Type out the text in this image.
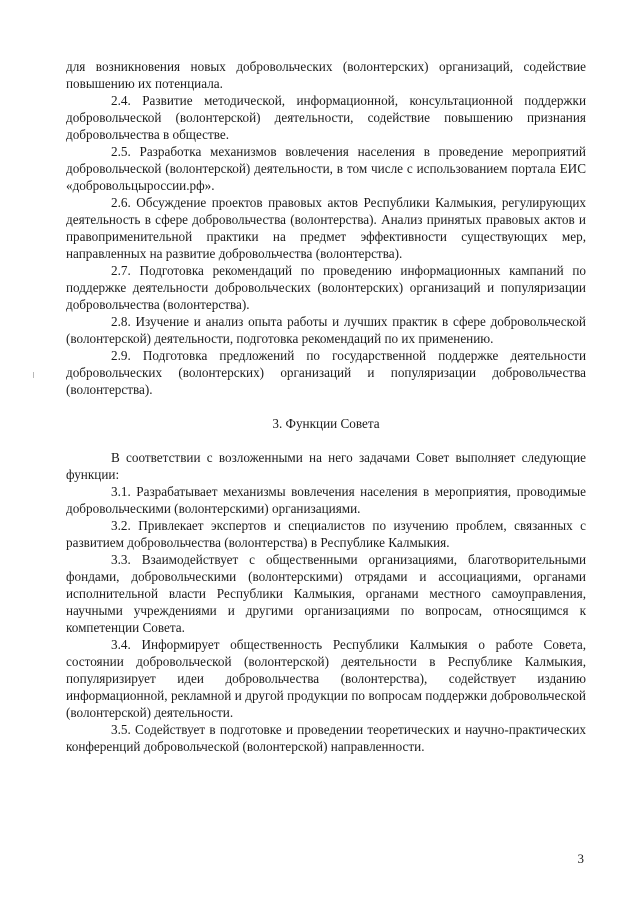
для возникновения новых добровольческих (волонтерских) организаций, содействие повышению их потенциала.

2.4. Развитие методической, информационной, консультационной поддержки добровольческой (волонтерской) деятельности, содействие повышению признания добровольчества в обществе.

2.5. Разработка механизмов вовлечения населения в проведение мероприятий добровольческой (волонтерской) деятельности, в том числе с использованием портала ЕИС «добровольцыроссии.рф».

2.6. Обсуждение проектов правовых актов Республики Калмыкия, регулирующих деятельность в сфере добровольчества (волонтерства). Анализ принятых правовых актов и правоприменительной практики на предмет эффективности существующих мер, направленных на развитие добровольчества (волонтерства).

2.7. Подготовка рекомендаций по проведению информационных кампаний по поддержке деятельности добровольческих (волонтерских) организаций и популяризации добровольчества (волонтерства).

2.8. Изучение и анализ опыта работы и лучших практик в сфере добровольческой (волонтерской) деятельности, подготовка рекомендаций по их применению.

2.9. Подготовка предложений по государственной поддержке деятельности добровольческих (волонтерских) организаций и популяризации добровольчества (волонтерства).

3. Функции Совета

В соответствии с возложенными на него задачами Совет выполняет следующие функции:

3.1. Разрабатывает механизмы вовлечения населения в мероприятия, проводимые добровольческими (волонтерскими) организациями.

3.2. Привлекает экспертов и специалистов по изучению проблем, связанных с развитием добровольчества (волонтерства) в Республике Калмыкия.

3.3. Взаимодействует с общественными организациями, благотворительными фондами, добровольческими (волонтерскими) отрядами и ассоциациями, органами исполнительной власти Республики Калмыкия, органами местного самоуправления, научными учреждениями и другими организациями по вопросам, относящимся к компетенции Совета.

3.4. Информирует общественность Республики Калмыкия о работе Совета, состоянии добровольческой (волонтерской) деятельности в Республике Калмыкия, популяризирует идеи добровольчества (волонтерства), содействует изданию информационной, рекламной и другой продукции по вопросам поддержки добровольческой (волонтерской) деятельности.

3.5. Содействует в подготовке и проведении теоретических и научно-практических конференций добровольческой (волонтерской) направленности.

3
